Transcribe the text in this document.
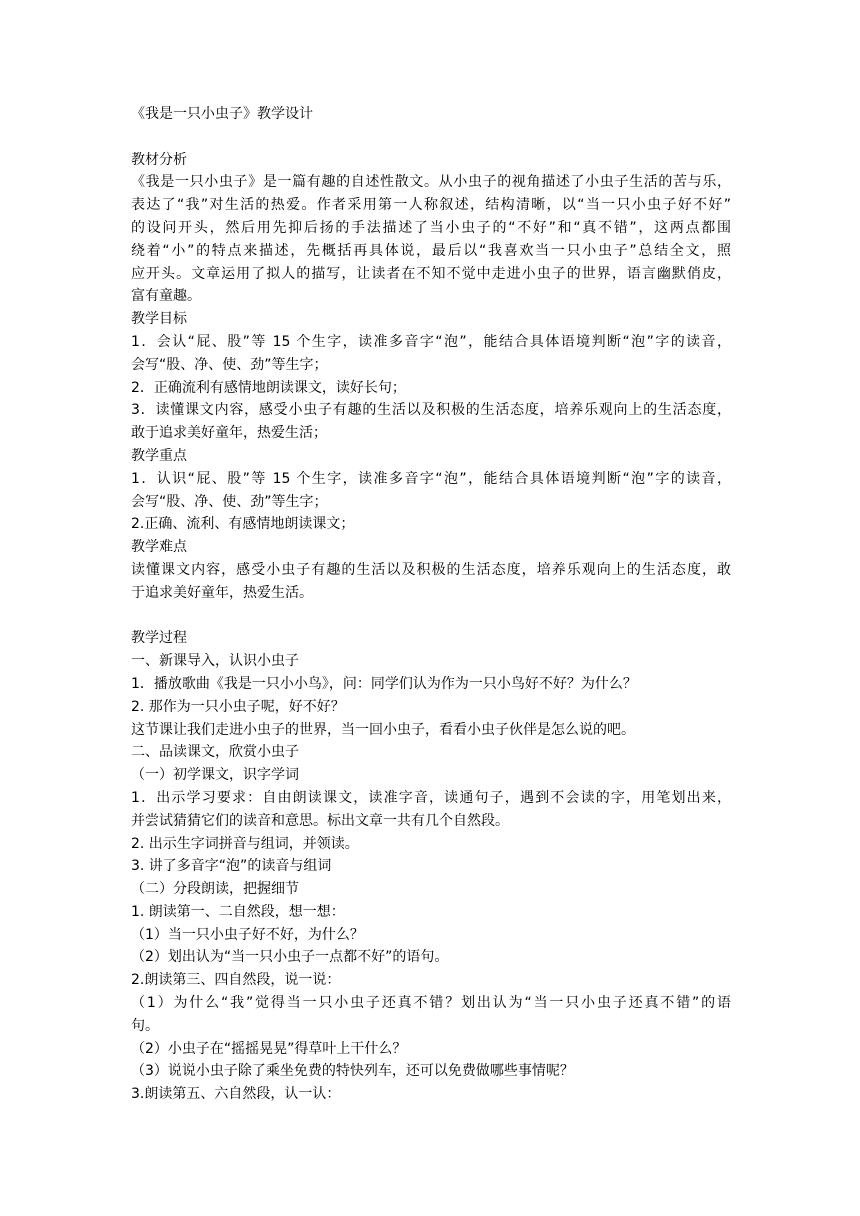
《我是一只小虫子》教学设计

教材分析

《我是一只小虫子》是一篇有趣的自述性散文。从小虫子的视角描述了小虫子生活的苦与乐，

表达了“我”对生活的热爱。作者采用第一人称叙述，结构清晰，以“当一只小虫子好不好”

的设问开头，然后用先抑后扬的手法描述了当小虫子的“不好”和“真不错”，这两点都围

绕着“小”的特点来描述，先概括再具体说，最后以“我喜欢当一只小虫子”总结全文，照

应开头。文章运用了拟人的描写，让读者在不知不觉中走进小虫子的世界，语言幽默俏皮，

富有童趣。

教学目标

1．会认“屁、股”等 15 个生字，读准多音字“泡”，能结合具体语境判断“泡”字的读音，

会写“股、净、使、劲”等生字；

2．正确流利有感情地朗读课文，读好长句；

3．读懂课文内容，感受小虫子有趣的生活以及积极的生活态度，培养乐观向上的生活态度，

敢于追求美好童年，热爱生活；

教学重点

1．认识“屁、股”等 15 个生字，读准多音字“泡”，能结合具体语境判断“泡”字的读音，

会写“股、净、使、劲”等生字；

2.正确、流利、有感情地朗读课文；

教学难点

读懂课文内容，感受小虫子有趣的生活以及积极的生活态度，培养乐观向上的生活态度，敢

于追求美好童年，热爱生活。

教学过程

一、新课导入，认识小虫子

1．播放歌曲《我是一只小小鸟》，问：同学们认为作为一只小鸟好不好？为什么？

2. 那作为一只小虫子呢，好不好？

这节课让我们走进小虫子的世界，当一回小虫子，看看小虫子伙伴是怎么说的吧。

二、品读课文，欣赏小虫子

（一）初学课文，识字学词

1．出示学习要求：自由朗读课文，读准字音，读通句子，遇到不会读的字，用笔划出来，

并尝试猜猜它们的读音和意思。标出文章一共有几个自然段。

2. 出示生字词拼音与组词，并领读。

3. 讲了多音字“泡”的读音与组词

（二）分段朗读，把握细节

1. 朗读第一、二自然段，想一想：

（1）当一只小虫子好不好，为什么？

（2）划出认为“当一只小虫子一点都不好”的语句。

2.朗读第三、四自然段，说一说：

（1）为什么“我”觉得当一只小虫子还真不错？划出认为“当一只小虫子还真不错”的语

句。

（2）小虫子在“摇摇晃晃”得草叶上干什么？

（3）说说小虫子除了乘坐免费的特快列车，还可以免费做哪些事情呢？

3.朗读第五、六自然段，认一认：
